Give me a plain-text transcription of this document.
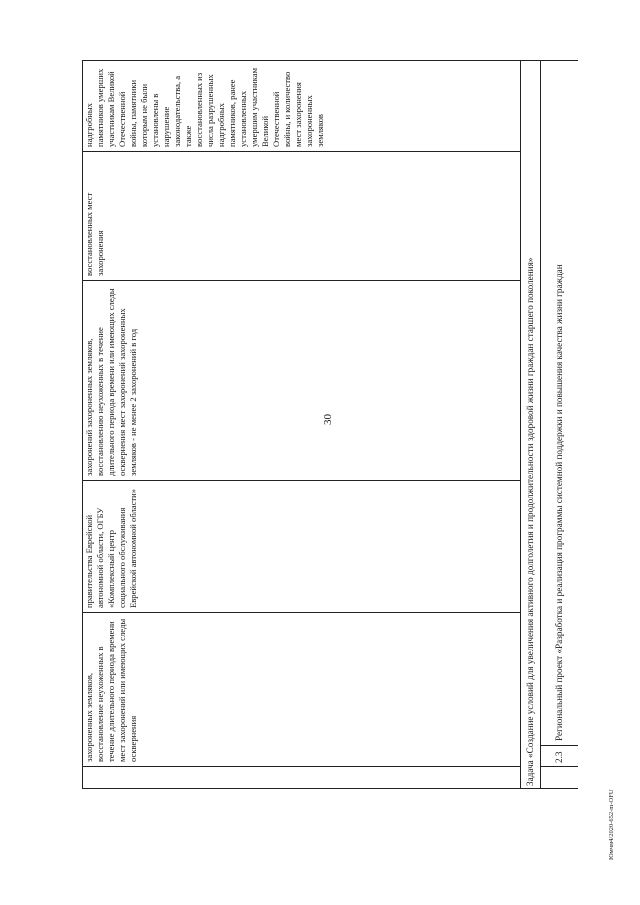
30
Юмчм4/2020-652-m-OFU
захороненных земляков, восстановление неухоженных в течение длительного периода времени мест захоронений или имеющих следы осквернения
правительства Еврейской автономной области, ОГБУ «Комплексный центр социального обслуживания Еврейской автономной области»
захоронений захороненных земляков, восстановлению неухоженных в течение длительного периода времени или имеющих следы осквернения мест захоронений захороненных земляков - не менее 2 захоронений в год
восстановленных мест захоронения
надгробных памятников умерших участникам Великой Отечественной войны, памятники которым не были установлены в нарушение законодательства, а также восстановленных из числа разрушенных надгробных памятников, ранее установленных умершим участникам Великой Отечественной войны, и количество мест захоронения захороненных земляков
Задача «Создание условий для увеличения активного долголетия и продолжительности здоровой жизни граждан старшего поколения» 2.3
Региональный проект «Разработка и реализация программы системной поддержки и повышения качества жизни граждан
